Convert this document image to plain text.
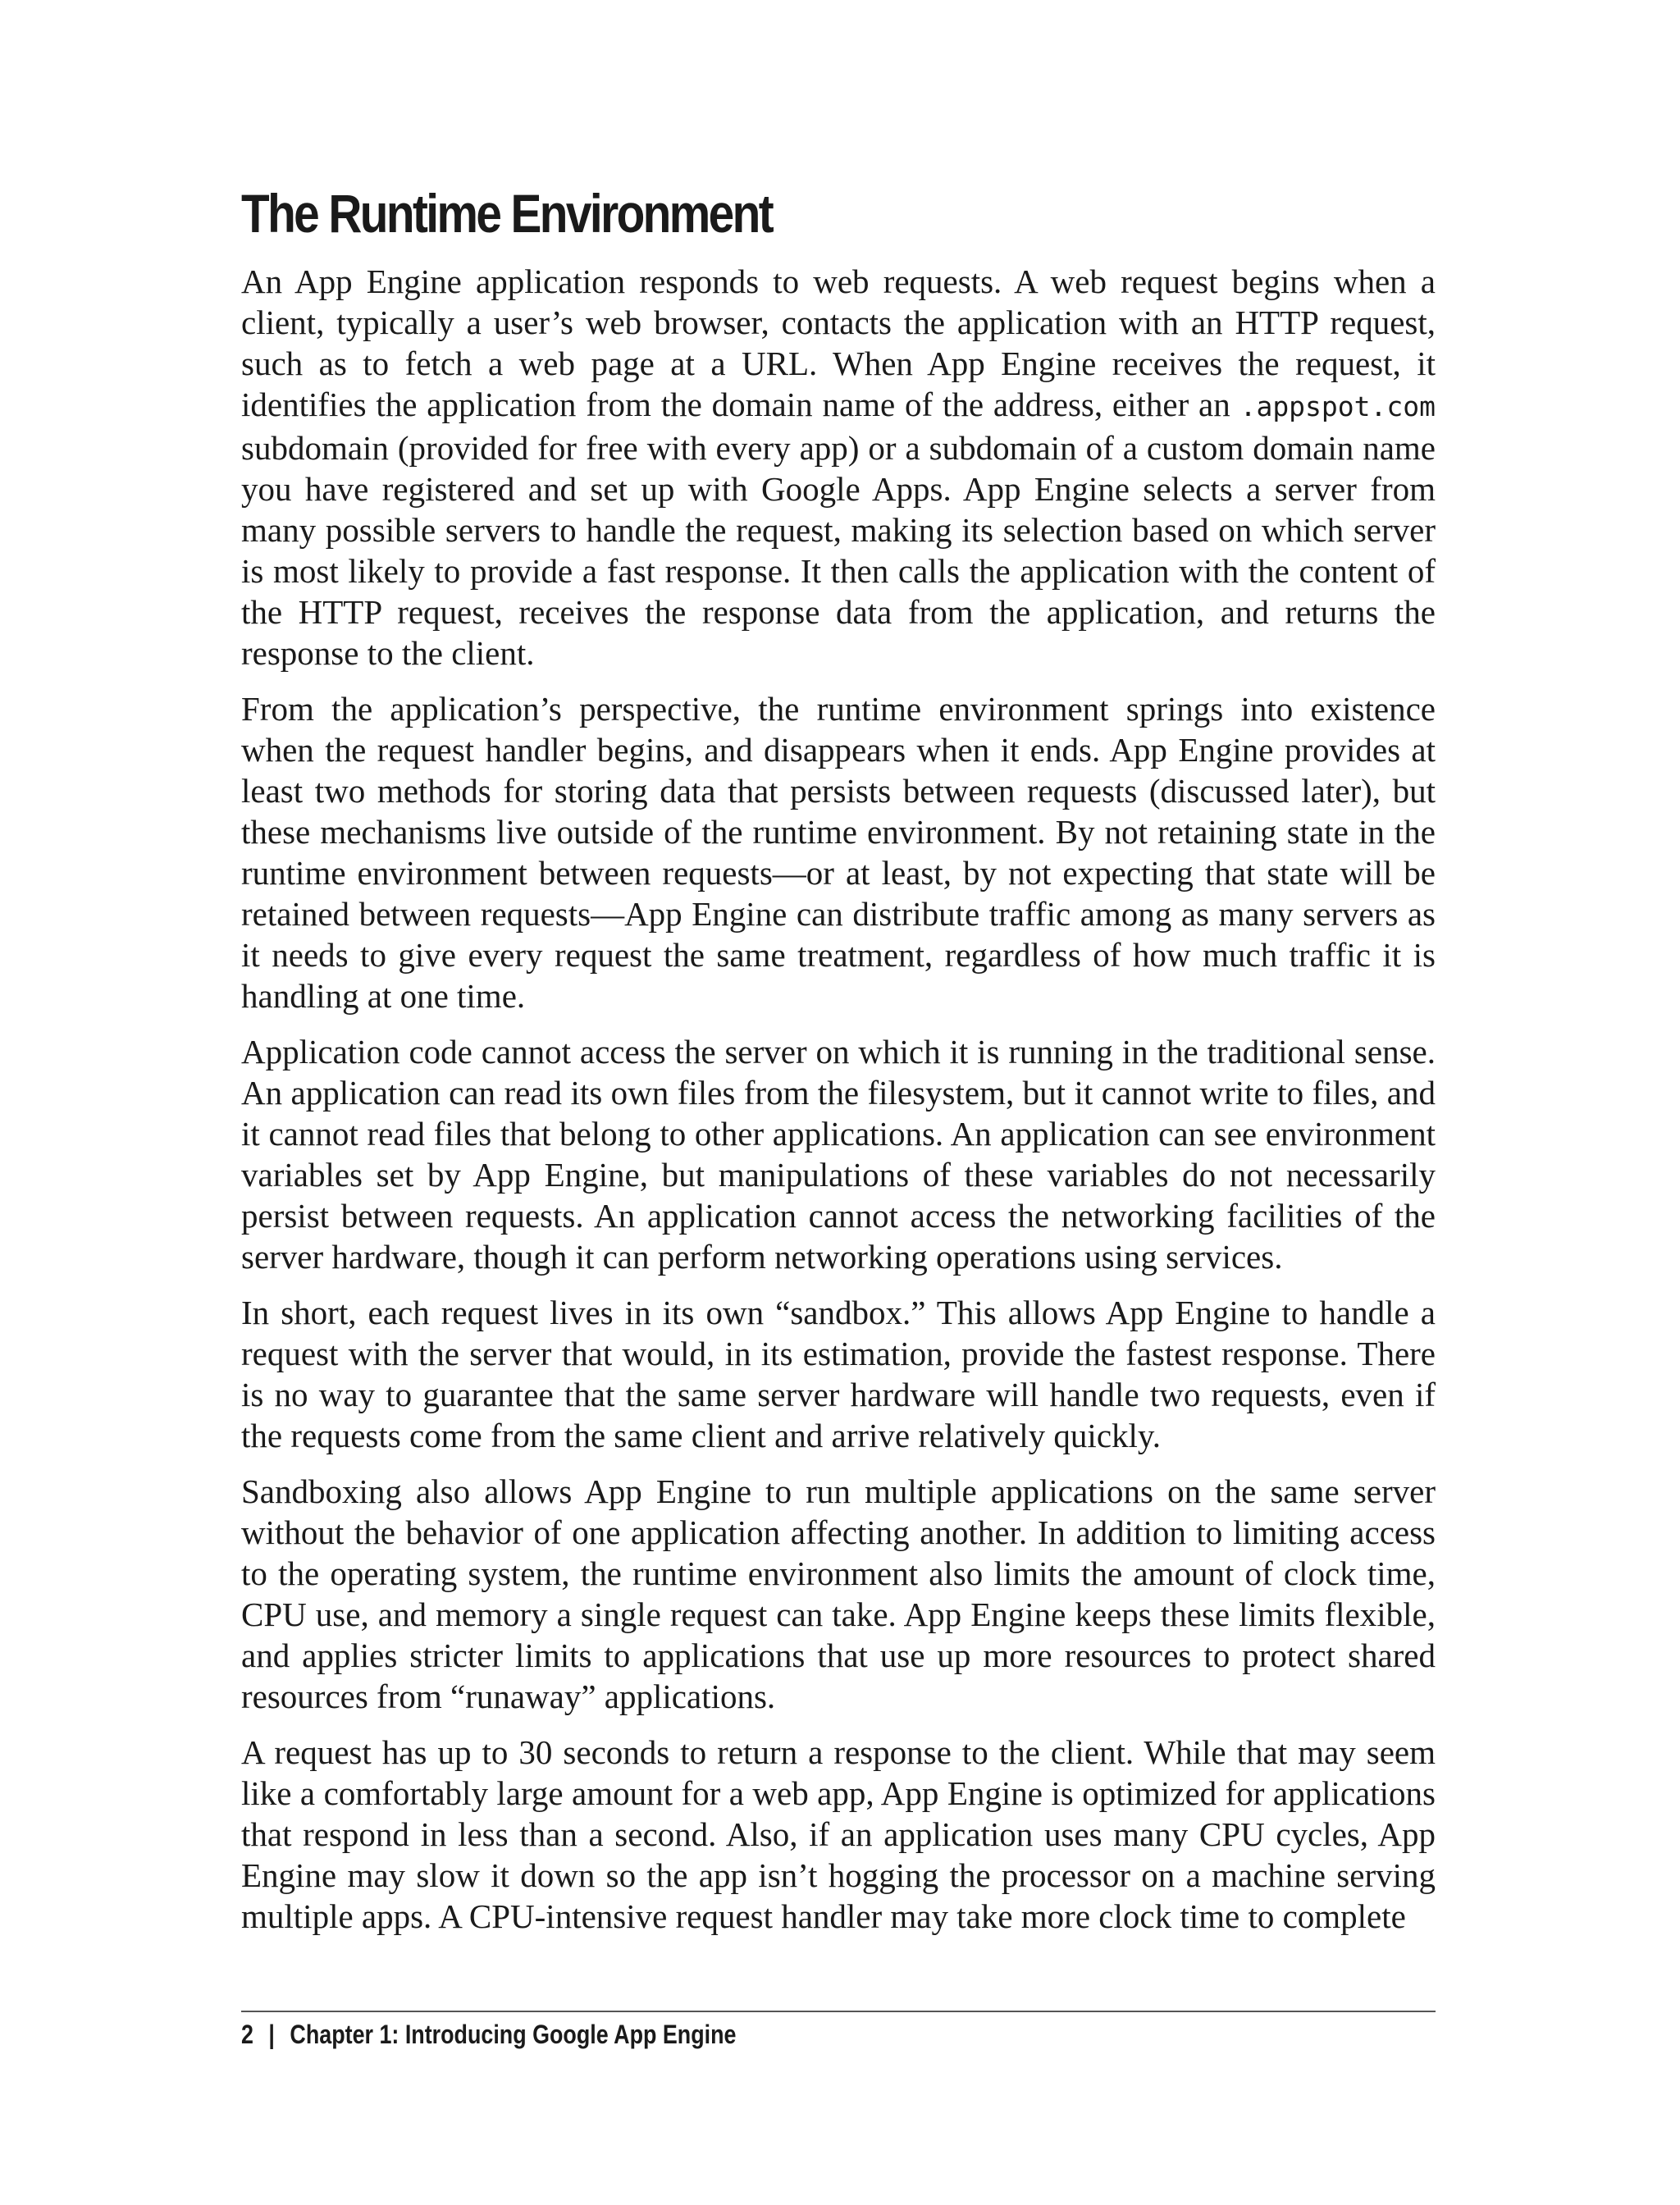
The Runtime Environment

An App Engine application responds to web requests. A web request begins when a client, typically a user’s web browser, contacts the application with an HTTP request, such as to fetch a web page at a URL. When App Engine receives the request, it identifies the application from the domain name of the address, either an .appspot.com subdomain (provided for free with every app) or a subdomain of a custom domain name you have registered and set up with Google Apps. App Engine selects a server from many possible servers to handle the request, making its selection based on which server is most likely to provide a fast response. It then calls the application with the content of the HTTP request, receives the response data from the application, and returns the response to the client.

From the application’s perspective, the runtime environment springs into existence when the request handler begins, and disappears when it ends. App Engine provides at least two methods for storing data that persists between requests (discussed later), but these mechanisms live outside of the runtime environment. By not retaining state in the runtime environment between requests—or at least, by not expecting that state will be retained between requests—App Engine can distribute traffic among as many servers as it needs to give every request the same treatment, regardless of how much traffic it is handling at one time.

Application code cannot access the server on which it is running in the traditional sense. An application can read its own files from the filesystem, but it cannot write to files, and it cannot read files that belong to other applications. An application can see environment variables set by App Engine, but manipulations of these variables do not necessarily persist between requests. An application cannot access the networking facilities of the server hardware, though it can perform networking operations using services.

In short, each request lives in its own “sandbox.” This allows App Engine to handle a request with the server that would, in its estimation, provide the fastest response. There is no way to guarantee that the same server hardware will handle two requests, even if the requests come from the same client and arrive relatively quickly.

Sandboxing also allows App Engine to run multiple applications on the same server without the behavior of one application affecting another. In addition to limiting access to the operating system, the runtime environment also limits the amount of clock time, CPU use, and memory a single request can take. App Engine keeps these limits flexible, and applies stricter limits to applications that use up more resources to protect shared resources from “runaway” applications.

A request has up to 30 seconds to return a response to the client. While that may seem like a comfortably large amount for a web app, App Engine is optimized for applications that respond in less than a second. Also, if an application uses many CPU cycles, App Engine may slow it down so the app isn’t hogging the processor on a machine serving multiple apps. A CPU-intensive request handler may take more clock time to complete

2 | Chapter 1: Introducing Google App Engine
